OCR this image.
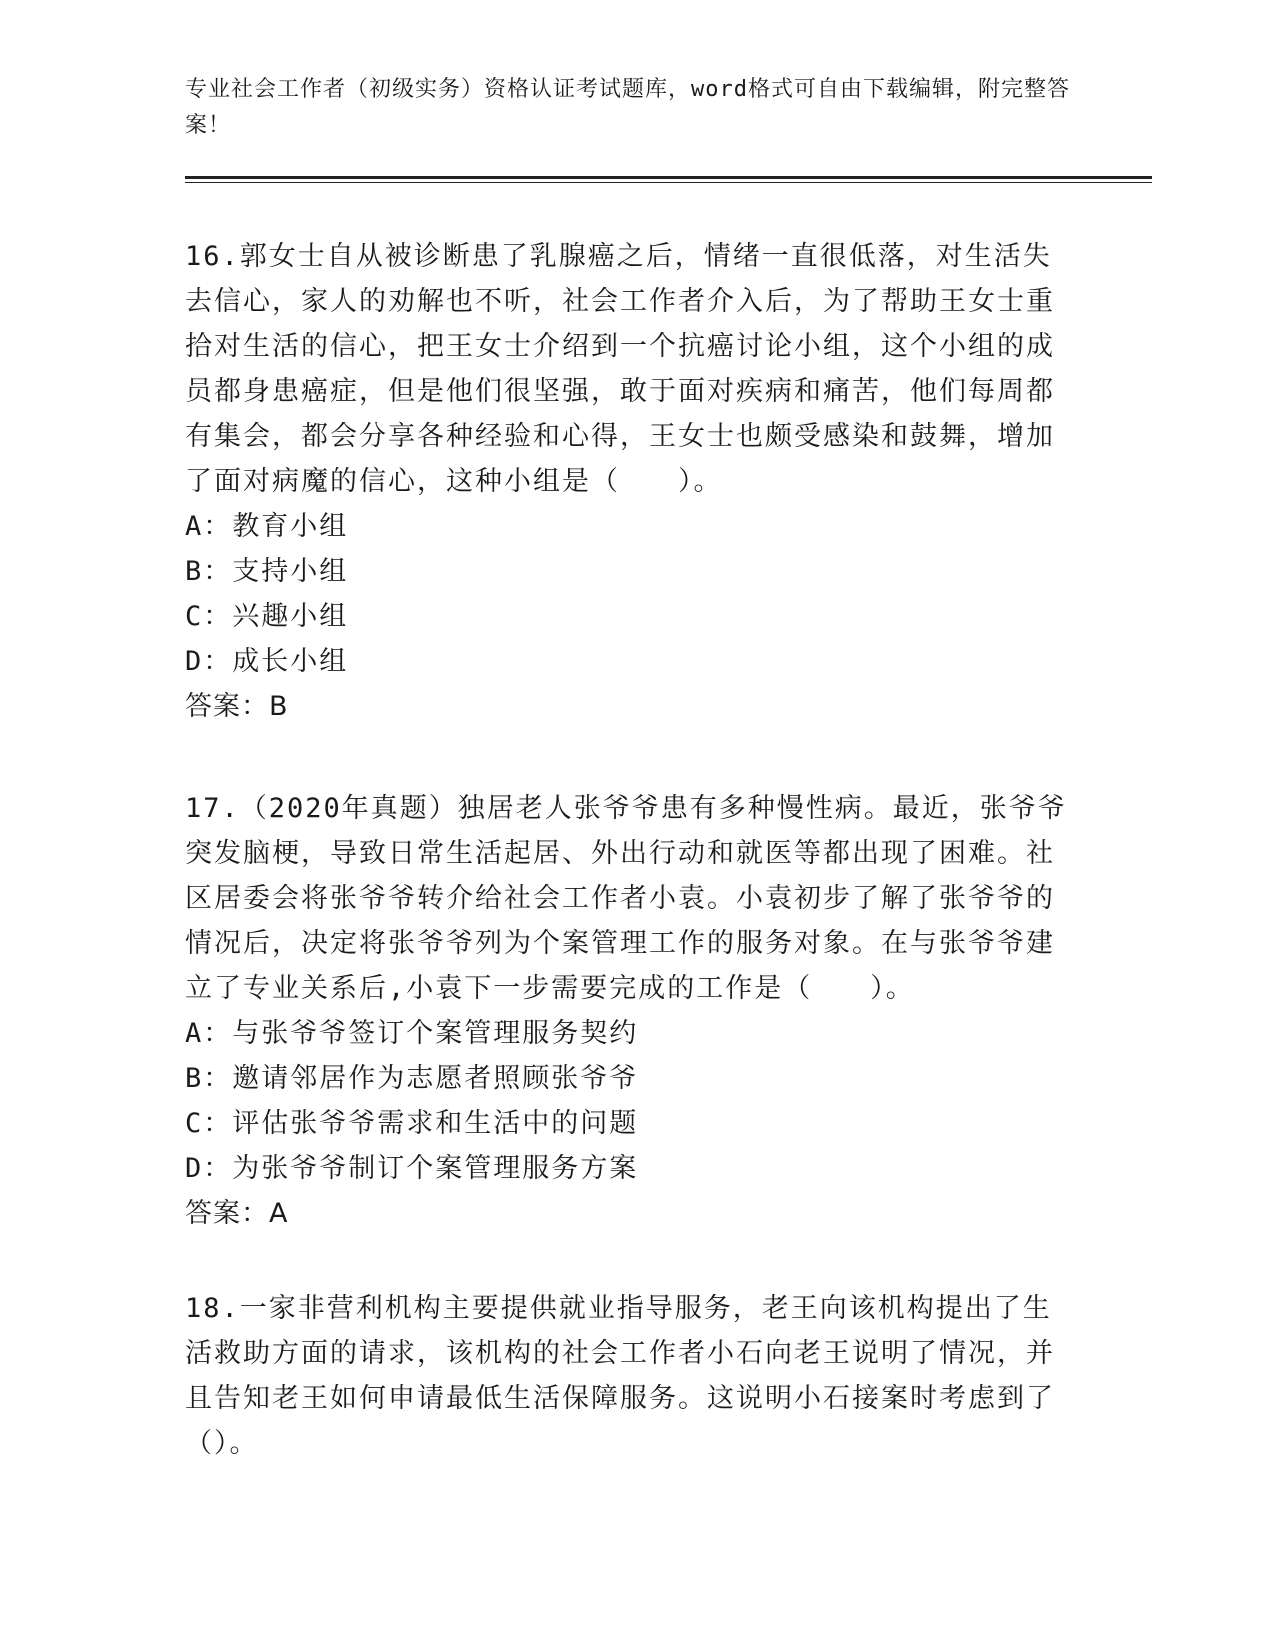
专业社会工作者（初级实务）资格认证考试题库，word格式可自由下载编辑，附完整答案！

16.郭女士自从被诊断患了乳腺癌之后，情绪一直很低落，对生活失去信心，家人的劝解也不听，社会工作者介入后，为了帮助王女士重拾对生活的信心，把王女士介绍到一个抗癌讨论小组，这个小组的成员都身患癌症，但是他们很坚强，敢于面对疾病和痛苦，他们每周都有集会，都会分享各种经验和心得，王女士也颇受感染和鼓舞，增加了面对病魔的信心，这种小组是（　　）。

A：教育小组

B：支持小组

C：兴趣小组

D：成长小组

答案：B

17.（2020年真题）独居老人张爷爷患有多种慢性病。最近，张爷爷突发脑梗，导致日常生活起居、外出行动和就医等都出现了困难。社区居委会将张爷爷转介给社会工作者小袁。小袁初步了解了张爷爷的情况后，决定将张爷爷列为个案管理工作的服务对象。在与张爷爷建立了专业关系后,小袁下一步需要完成的工作是（　　）。

A：与张爷爷签订个案管理服务契约

B：邀请邻居作为志愿者照顾张爷爷

C：评估张爷爷需求和生活中的问题

D：为张爷爷制订个案管理服务方案

答案：A

18.一家非营利机构主要提供就业指导服务，老王向该机构提出了生活救助方面的请求，该机构的社会工作者小石向老王说明了情况，并且告知老王如何申请最低生活保障服务。这说明小石接案时考虑到了（）。
